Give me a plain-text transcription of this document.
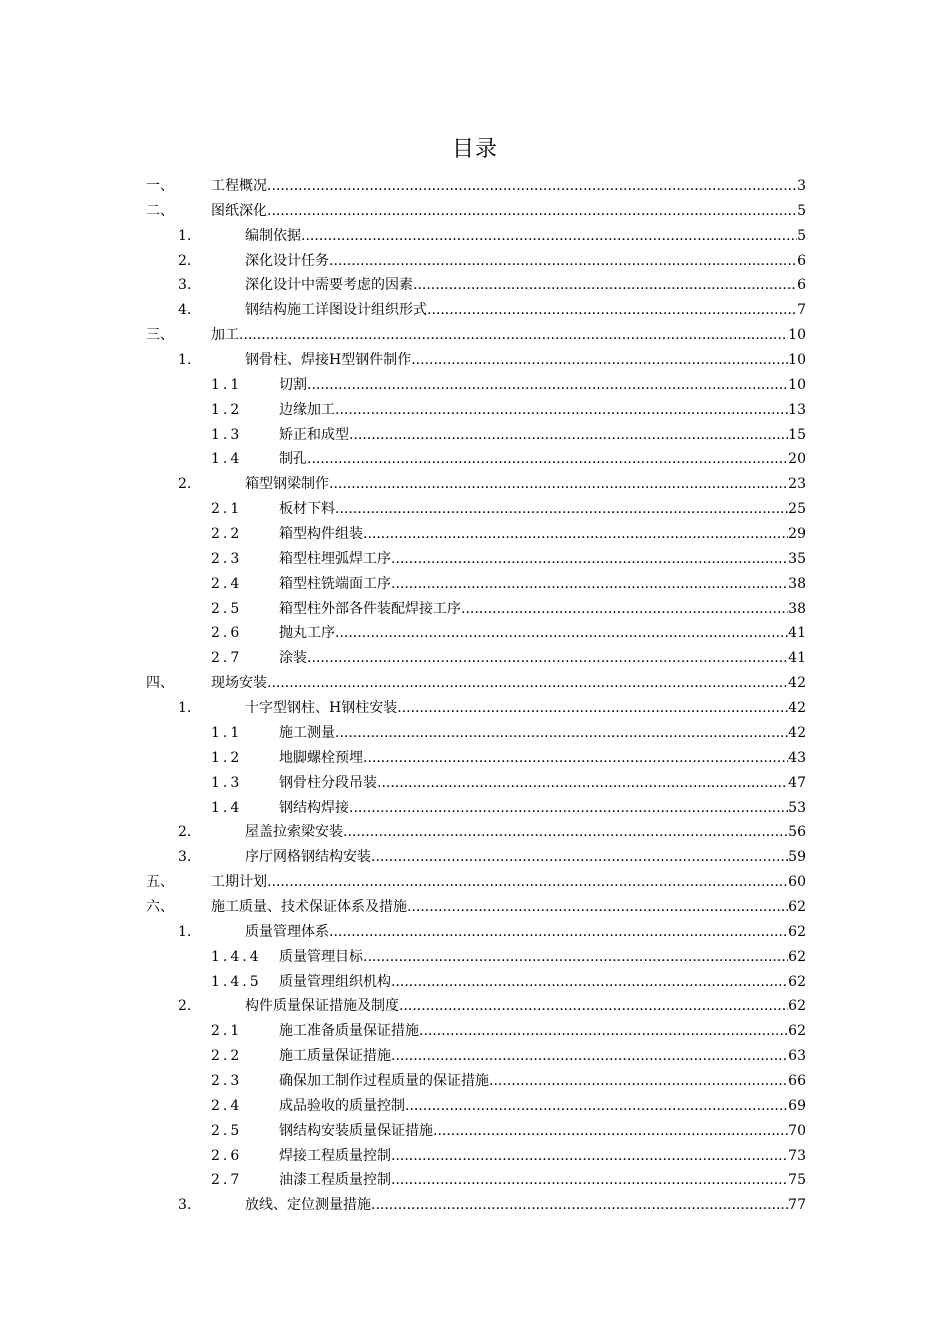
目录
一、	工程概况 .....	3
二、	图纸深化 .....	5
1.	编制依据 .....	5
2.	深化设计任务 .....	6
3.	深化设计中需要考虑的因素 .....	6
4.	钢结构施工详图设计组织形式 .....	7
三、	加工 .....	10
1.	钢骨柱、焊接H型钢件制作 .....	10
1.1	切割 .....	10
1.2	边缘加工 .....	13
1.3	矫正和成型 .....	15
1.4	制孔 .....	20
2.	箱型钢梁制作 .....	23
2.1	板材下料 .....	25
2.2	箱型构件组装 .....	29
2.3	箱型柱埋弧焊工序 .....	35
2.4	箱型柱铣端面工序 .....	38
2.5	箱型柱外部各件装配焊接工序 .....	38
2.6	抛丸工序 .....	41
2.7	涂装 .....	41
四、	现场安装 .....	42
1.	十字型钢柱、H钢柱安装 .....	42
1.1	施工测量 .....	42
1.2	地脚螺栓预埋 .....	43
1.3	钢骨柱分段吊装 .....	47
1.4	钢结构焊接 .....	53
2.	屋盖拉索梁安装 .....	56
3.	序厅网格钢结构安装 .....	59
五、	工期计划 .....	60
六、	施工质量、技术保证体系及措施 .....	62
1.	质量管理体系 .....	62
1.4.4 质量管理目标 .....	62
1.4.5 质量管理组织机构 .....	62
2.	构件质量保证措施及制度 .....	62
2.1	施工准备质量保证措施 .....	62
2.2	施工质量保证措施 .....	63
2.3	确保加工制作过程质量的保证措施 .....	66
2.4	成品验收的质量控制 .....	69
2.5	钢结构安装质量保证措施 .....	70
2.6	焊接工程质量控制 .....	73
2.7	油漆工程质量控制 .....	75
3.	放线、定位测量措施 .....	77
